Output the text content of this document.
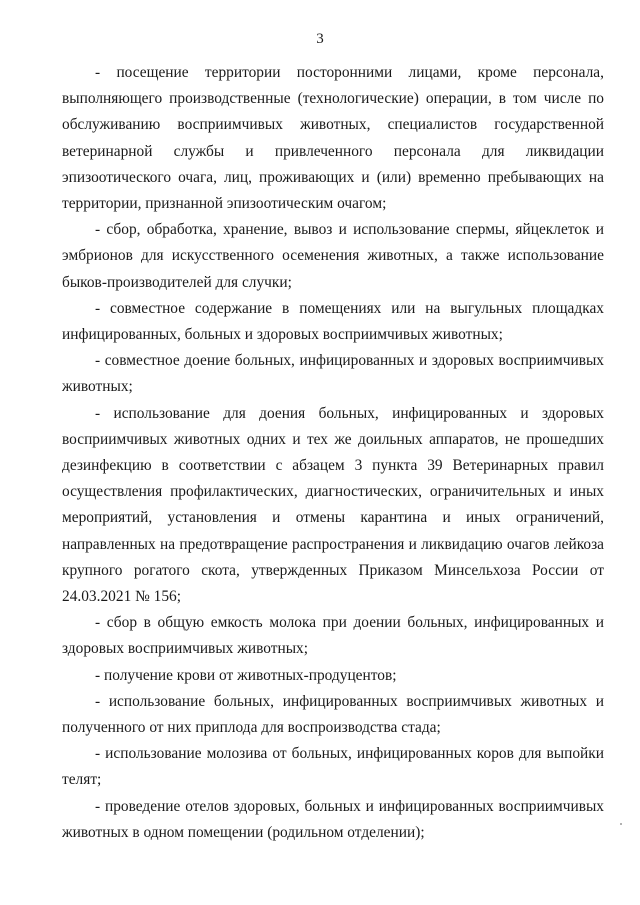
3

- посещение территории посторонними лицами, кроме персонала, выполняющего производственные (технологические) операции, в том числе по обслуживанию восприимчивых животных, специалистов государственной ветеринарной службы и привлеченного персонала для ликвидации эпизоотического очага, лиц, проживающих и (или) временно пребывающих на территории, признанной эпизоотическим очагом;

- сбор, обработка, хранение, вывоз и использование спермы, яйцеклеток и эмбрионов для искусственного осеменения животных, а также использование быков-производителей для случки;

- совместное содержание в помещениях или на выгульных площадках инфицированных, больных и здоровых восприимчивых животных;

- совместное доение больных, инфицированных и здоровых восприимчивых животных;

- использование для доения больных, инфицированных и здоровых восприимчивых животных одних и тех же доильных аппаратов, не прошедших дезинфекцию в соответствии с абзацем 3 пункта 39 Ветеринарных правил осуществления профилактических, диагностических, ограничительных и иных мероприятий, установления и отмены карантина и иных ограничений, направленных на предотвращение распространения и ликвидацию очагов лейкоза крупного рогатого скота, утвержденных Приказом Минсельхоза России от 24.03.2021 № 156;

- сбор в общую емкость молока при доении больных, инфицированных и здоровых восприимчивых животных;

- получение крови от животных-продуцентов;

- использование больных, инфицированных восприимчивых животных и полученного от них приплода для воспроизводства стада;

- использование молозива от больных, инфицированных коров для выпойки телят;

- проведение отелов здоровых, больных и инфицированных восприимчивых животных в одном помещении (родильном отделении);
